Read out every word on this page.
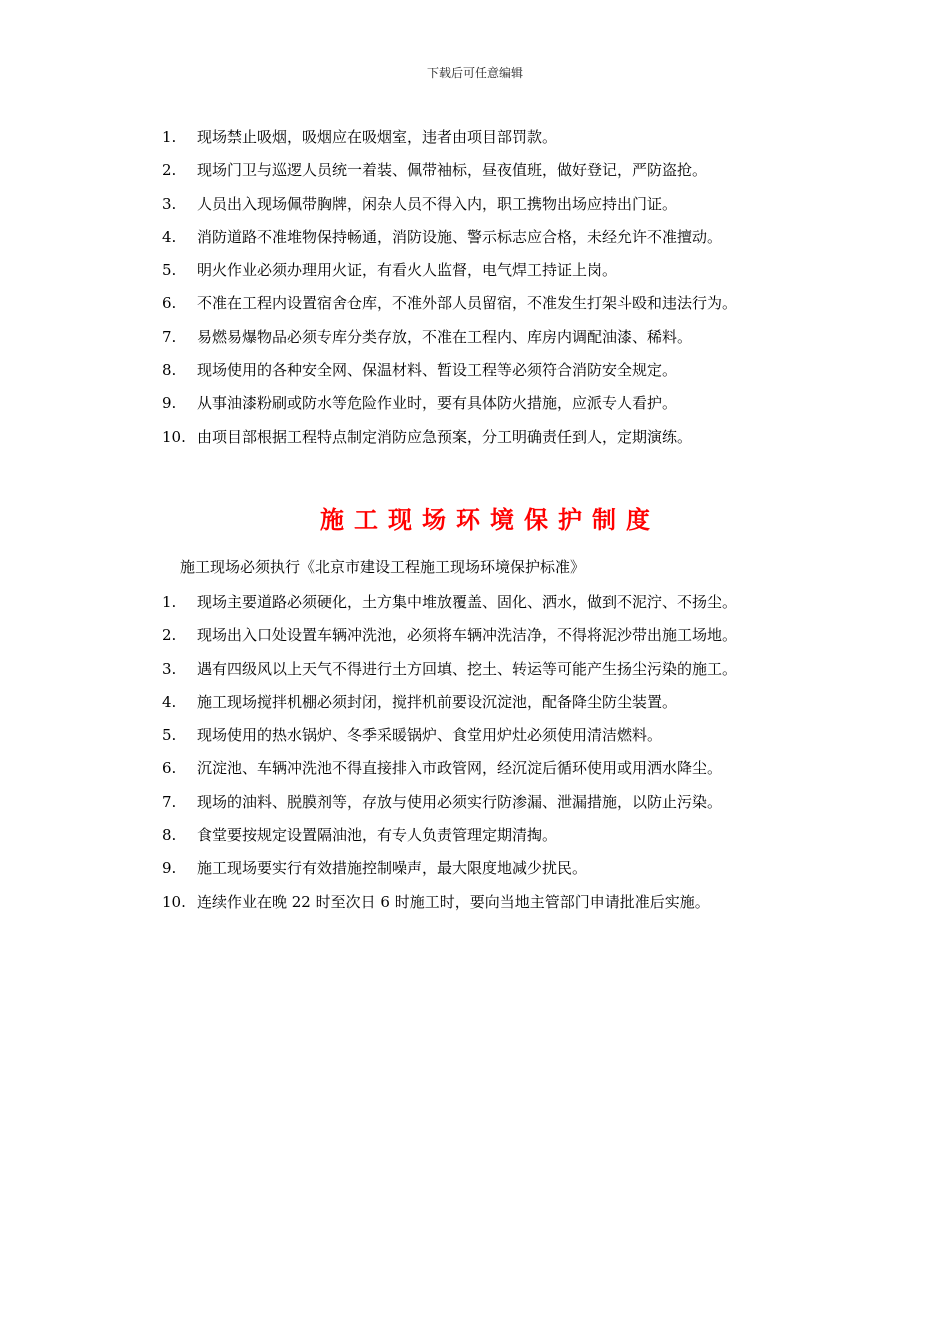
下载后可任意编辑
1.	现场禁止吸烟，吸烟应在吸烟室，违者由项目部罚款。
2.	现场门卫与巡逻人员统一着装、佩带袖标，昼夜值班，做好登记，严防盗抢。
3.	人员出入现场佩带胸牌，闲杂人员不得入内，职工携物出场应持出门证。
4.	消防道路不准堆物保持畅通，消防设施、警示标志应合格，未经允许不准擅动。
5.	明火作业必须办理用火证，有看火人监督，电气焊工持证上岗。
6.	不准在工程内设置宿舍仓库，不准外部人员留宿，不准发生打架斗殴和违法行为。
7.	易燃易爆物品必须专库分类存放，不准在工程内、库房内调配油漆、稀料。
8.	现场使用的各种安全网、保温材料、暂设工程等必须符合消防安全规定。
9.	从事油漆粉刷或防水等危险作业时，要有具体防火措施，应派专人看护。
10. 由项目部根据工程特点制定消防应急预案，分工明确责任到人，定期演练。
施工现场环境保护制度
施工现场必须执行《北京市建设工程施工现场环境保护标准》
1.	现场主要道路必须硬化，土方集中堆放覆盖、固化、洒水，做到不泥泞、不扬尘。
2.	现场出入口处设置车辆冲洗池，必须将车辆冲洗洁净，不得将泥沙带出施工场地。
3.	遇有四级风以上天气不得进行土方回填、挖土、转运等可能产生扬尘污染的施工。
4.	施工现场搅拌机棚必须封闭，搅拌机前要设沉淀池，配备降尘防尘装置。
5.	现场使用的热水锅炉、冬季采暖锅炉、食堂用炉灶必须使用清洁燃料。
6.	沉淀池、车辆冲洗池不得直接排入市政管网，经沉淀后循环使用或用洒水降尘。
7.	现场的油料、脱膜剂等，存放与使用必须实行防渗漏、泄漏措施，以防止污染。
8.	食堂要按规定设置隔油池，有专人负责管理定期清掏。
9.	施工现场要实行有效措施控制噪声，最大限度地减少扰民。
10. 连续作业在晚 22 时至次日 6 时施工时，要向当地主管部门申请批准后实施。
